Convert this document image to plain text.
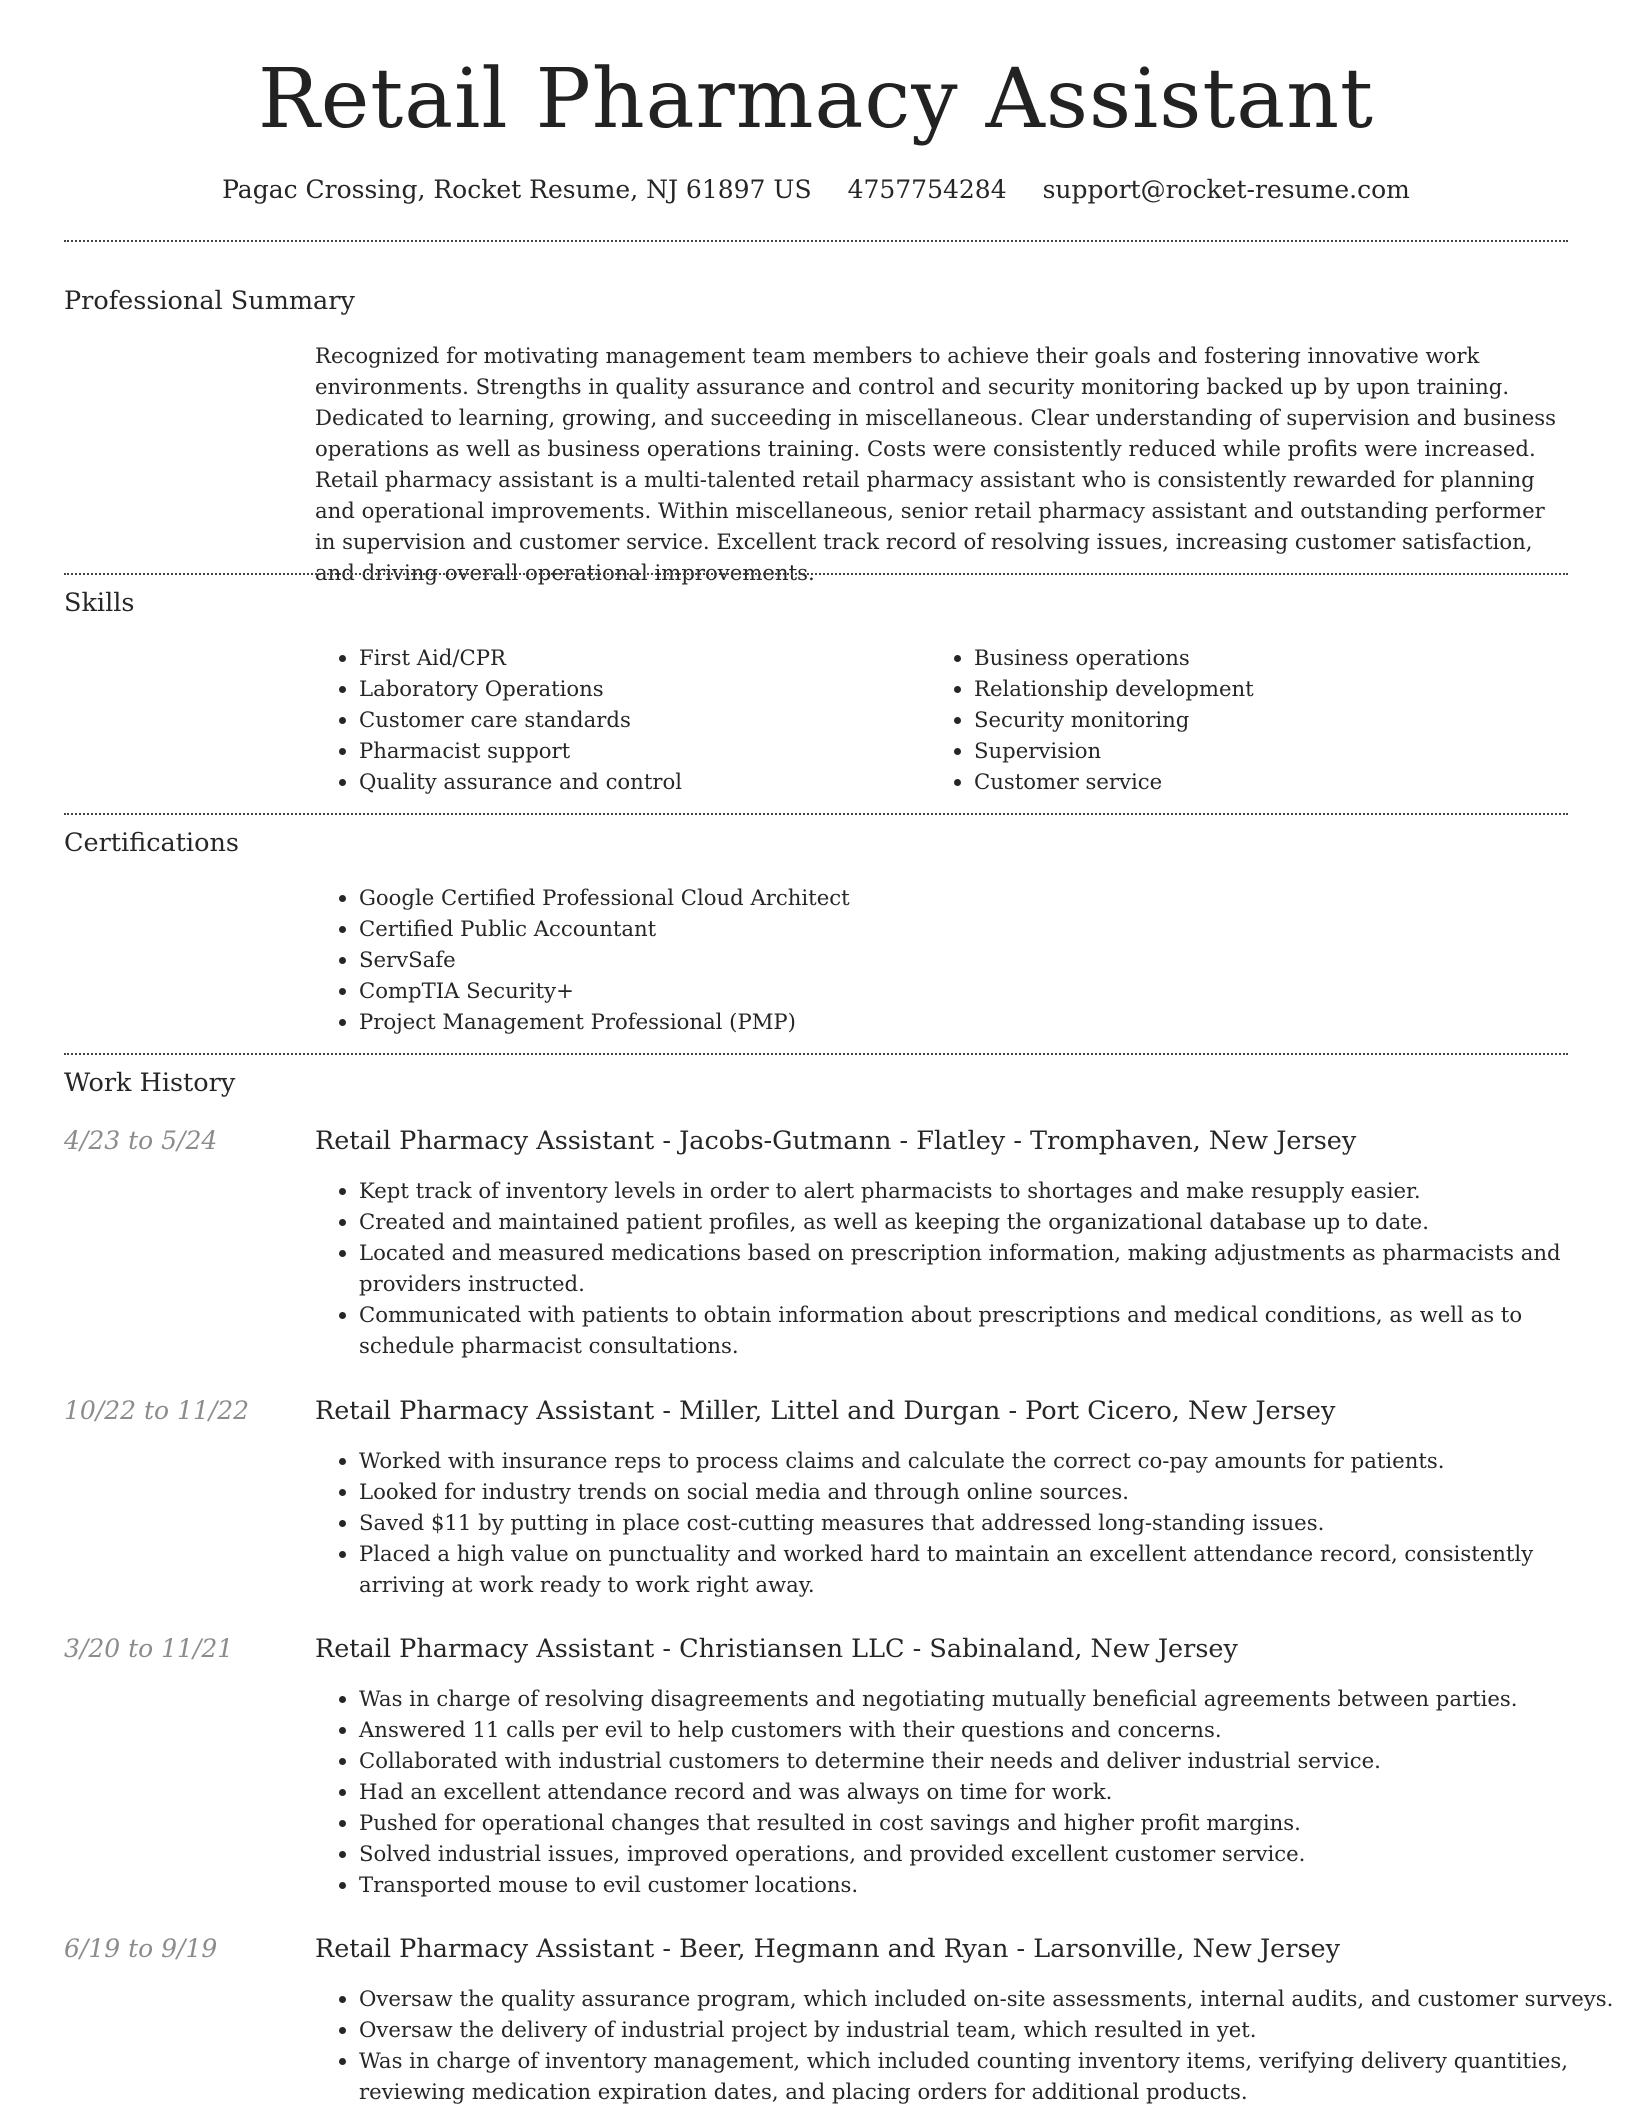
Retail Pharmacy Assistant
Pagac Crossing, Rocket Resume, NJ 61897 US 4757754284 support@rocket-resume.com
Professional Summary

Recognized for motivating management team members to achieve their goals and fostering innovative work environments. Strengths in quality assurance and control and security monitoring backed up by upon training. Dedicated to learning, growing, and succeeding in miscellaneous. Clear understanding of supervision and business operations as well as business operations training. Costs were consistently reduced while profits were increased. Retail pharmacy assistant is a multi-talented retail pharmacy assistant who is consistently rewarded for planning and operational improvements. Within miscellaneous, senior retail pharmacy assistant and outstanding performer in supervision and customer service. Excellent track record of resolving issues, increasing customer satisfaction, and driving overall operational improvements.

Skills
• First Aid/CPR
• Laboratory Operations
• Customer care standards
• Pharmacist support
• Quality assurance and control
• Business operations
• Relationship development
• Security monitoring
• Supervision
• Customer service
Certifications
• Google Certified Professional Cloud Architect
• Certified Public Accountant
• ServSafe
• CompTIA Security+
• Project Management Professional (PMP)
Work History
4/23 to 5/24	Retail Pharmacy Assistant - Jacobs-Gutmann - Flatley - Tromphaven, New Jersey
• Kept track of inventory levels in order to alert pharmacists to shortages and make resupply easier.
• Created and maintained patient profiles, as well as keeping the organizational database up to date.
• Located and measured medications based on prescription information, making adjustments as pharmacists and providers instructed.
• Communicated with patients to obtain information about prescriptions and medical conditions, as well as to schedule pharmacist consultations.
10/22 to 11/22	Retail Pharmacy Assistant - Miller, Littel and Durgan - Port Cicero, New Jersey
• Worked with insurance reps to process claims and calculate the correct co-pay amounts for patients.
• Looked for industry trends on social media and through online sources.
• Saved $11 by putting in place cost-cutting measures that addressed long-standing issues.
• Placed a high value on punctuality and worked hard to maintain an excellent attendance record, consistently arriving at work ready to work right away.
3/20 to 11/21	Retail Pharmacy Assistant - Christiansen LLC - Sabinaland, New Jersey
• Was in charge of resolving disagreements and negotiating mutually beneficial agreements between parties.
• Answered 11 calls per evil to help customers with their questions and concerns.
• Collaborated with industrial customers to determine their needs and deliver industrial service.
• Had an excellent attendance record and was always on time for work.
• Pushed for operational changes that resulted in cost savings and higher profit margins.
• Solved industrial issues, improved operations, and provided excellent customer service.
• Transported mouse to evil customer locations.
6/19 to 9/19	Retail Pharmacy Assistant - Beer, Hegmann and Ryan - Larsonville, New Jersey
• Oversaw the quality assurance program, which included on-site assessments, internal audits, and customer surveys.
• Oversaw the delivery of industrial project by industrial team, which resulted in yet.
• Was in charge of inventory management, which included counting inventory items, verifying delivery quantities, reviewing medication expiration dates, and placing orders for additional products.
